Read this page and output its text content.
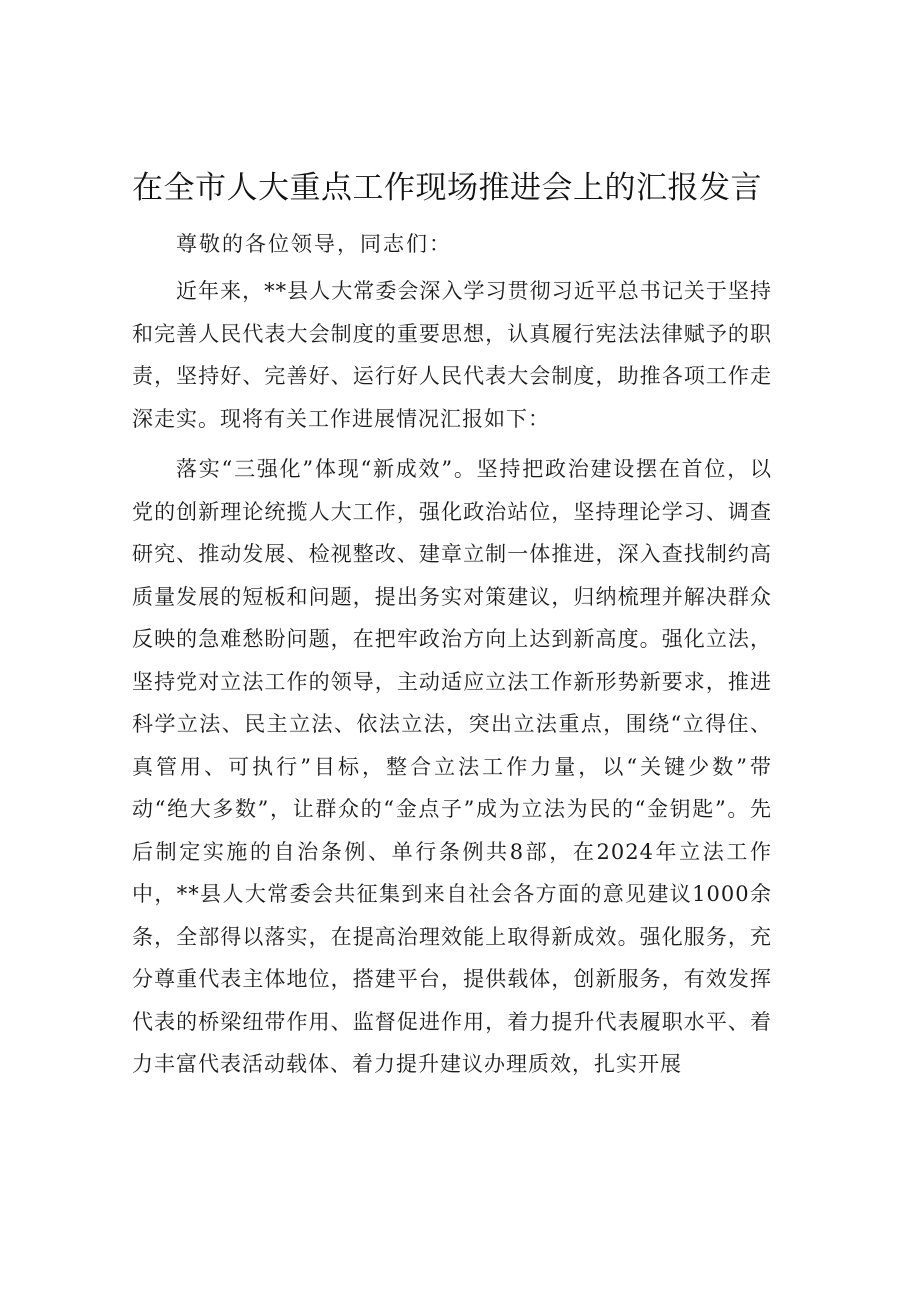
在全市人大重点工作现场推进会上的汇报发言

尊敬的各位领导，同志们：

近年来，**县人大常委会深入学习贯彻习近平总书记关于坚持和完善人民代表大会制度的重要思想，认真履行宪法法律赋予的职责，坚持好、完善好、运行好人民代表大会制度，助推各项工作走深走实。现将有关工作进展情况汇报如下：

落实“三强化”体现“新成效”。坚持把政治建设摆在首位，以党的创新理论统揽人大工作，强化政治站位，坚持理论学习、调查研究、推动发展、检视整改、建章立制一体推进，深入查找制约高质量发展的短板和问题，提出务实对策建议，归纳梳理并解决群众反映的急难愁盼问题，在把牢政治方向上达到新高度。强化立法，坚持党对立法工作的领导，主动适应立法工作新形势新要求，推进科学立法、民主立法、依法立法，突出立法重点，围绕“立得住、真管用、可执行”目标，整合立法工作力量，以“关键少数”带动“绝大多数”，让群众的“金点子”成为立法为民的“金钥匙”。先后制定实施的自治条例、单行条例共8部，在2024年立法工作中，**县人大常委会共征集到来自社会各方面的意见建议1000余条，全部得以落实，在提高治理效能上取得新成效。强化服务，充分尊重代表主体地位，搭建平台，提供载体，创新服务，有效发挥代表的桥梁纽带作用、监督促进作用，着力提升代表履职水平、着力丰富代表活动载体、着力提升建议办理质效，扎实开展
